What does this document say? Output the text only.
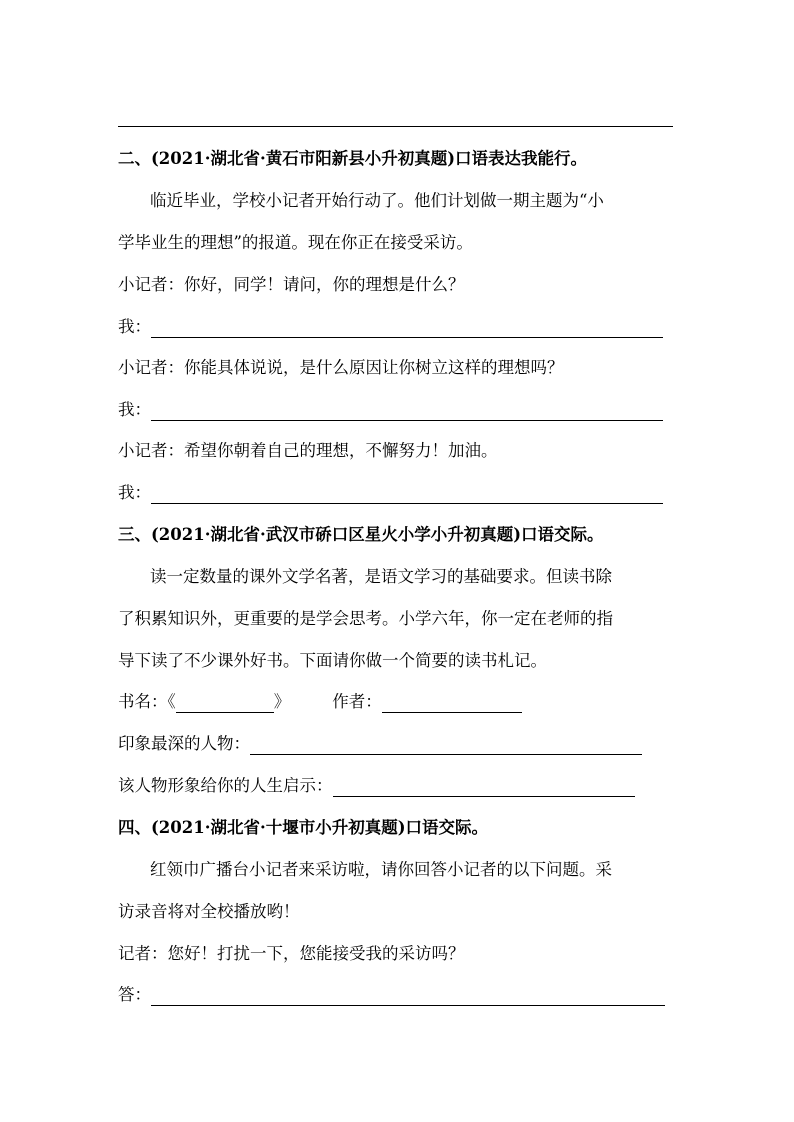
二、(2021·湖北省·黄石市阳新县小升初真题)口语表达我能行。
临近毕业，学校小记者开始行动了。他们计划做一期主题为“小
学毕业生的理想”的报道。现在你正在接受采访。
小记者：你好，同学！请问，你的理想是什么？
我：
小记者：你能具体说说，是什么原因让你树立这样的理想吗？
我：
小记者：希望你朝着自己的理想，不懈努力！加油。
我：
三、(2021·湖北省·武汉市硚口区星火小学小升初真题)口语交际。
读一定数量的课外文学名著，是语文学习的基础要求。但读书除
了积累知识外，更重要的是学会思考。小学六年，你一定在老师的指
导下读了不少课外好书。下面请你做一个简要的读书札记。
书名：《	》	作者：
印象最深的人物：
该人物形象给你的人生启示：
四、(2021·湖北省·十堰市小升初真题)口语交际。
红领巾广播台小记者来采访啦，请你回答小记者的以下问题。采
访录音将对全校播放哟！
记者：您好！打扰一下，您能接受我的采访吗？
答：
